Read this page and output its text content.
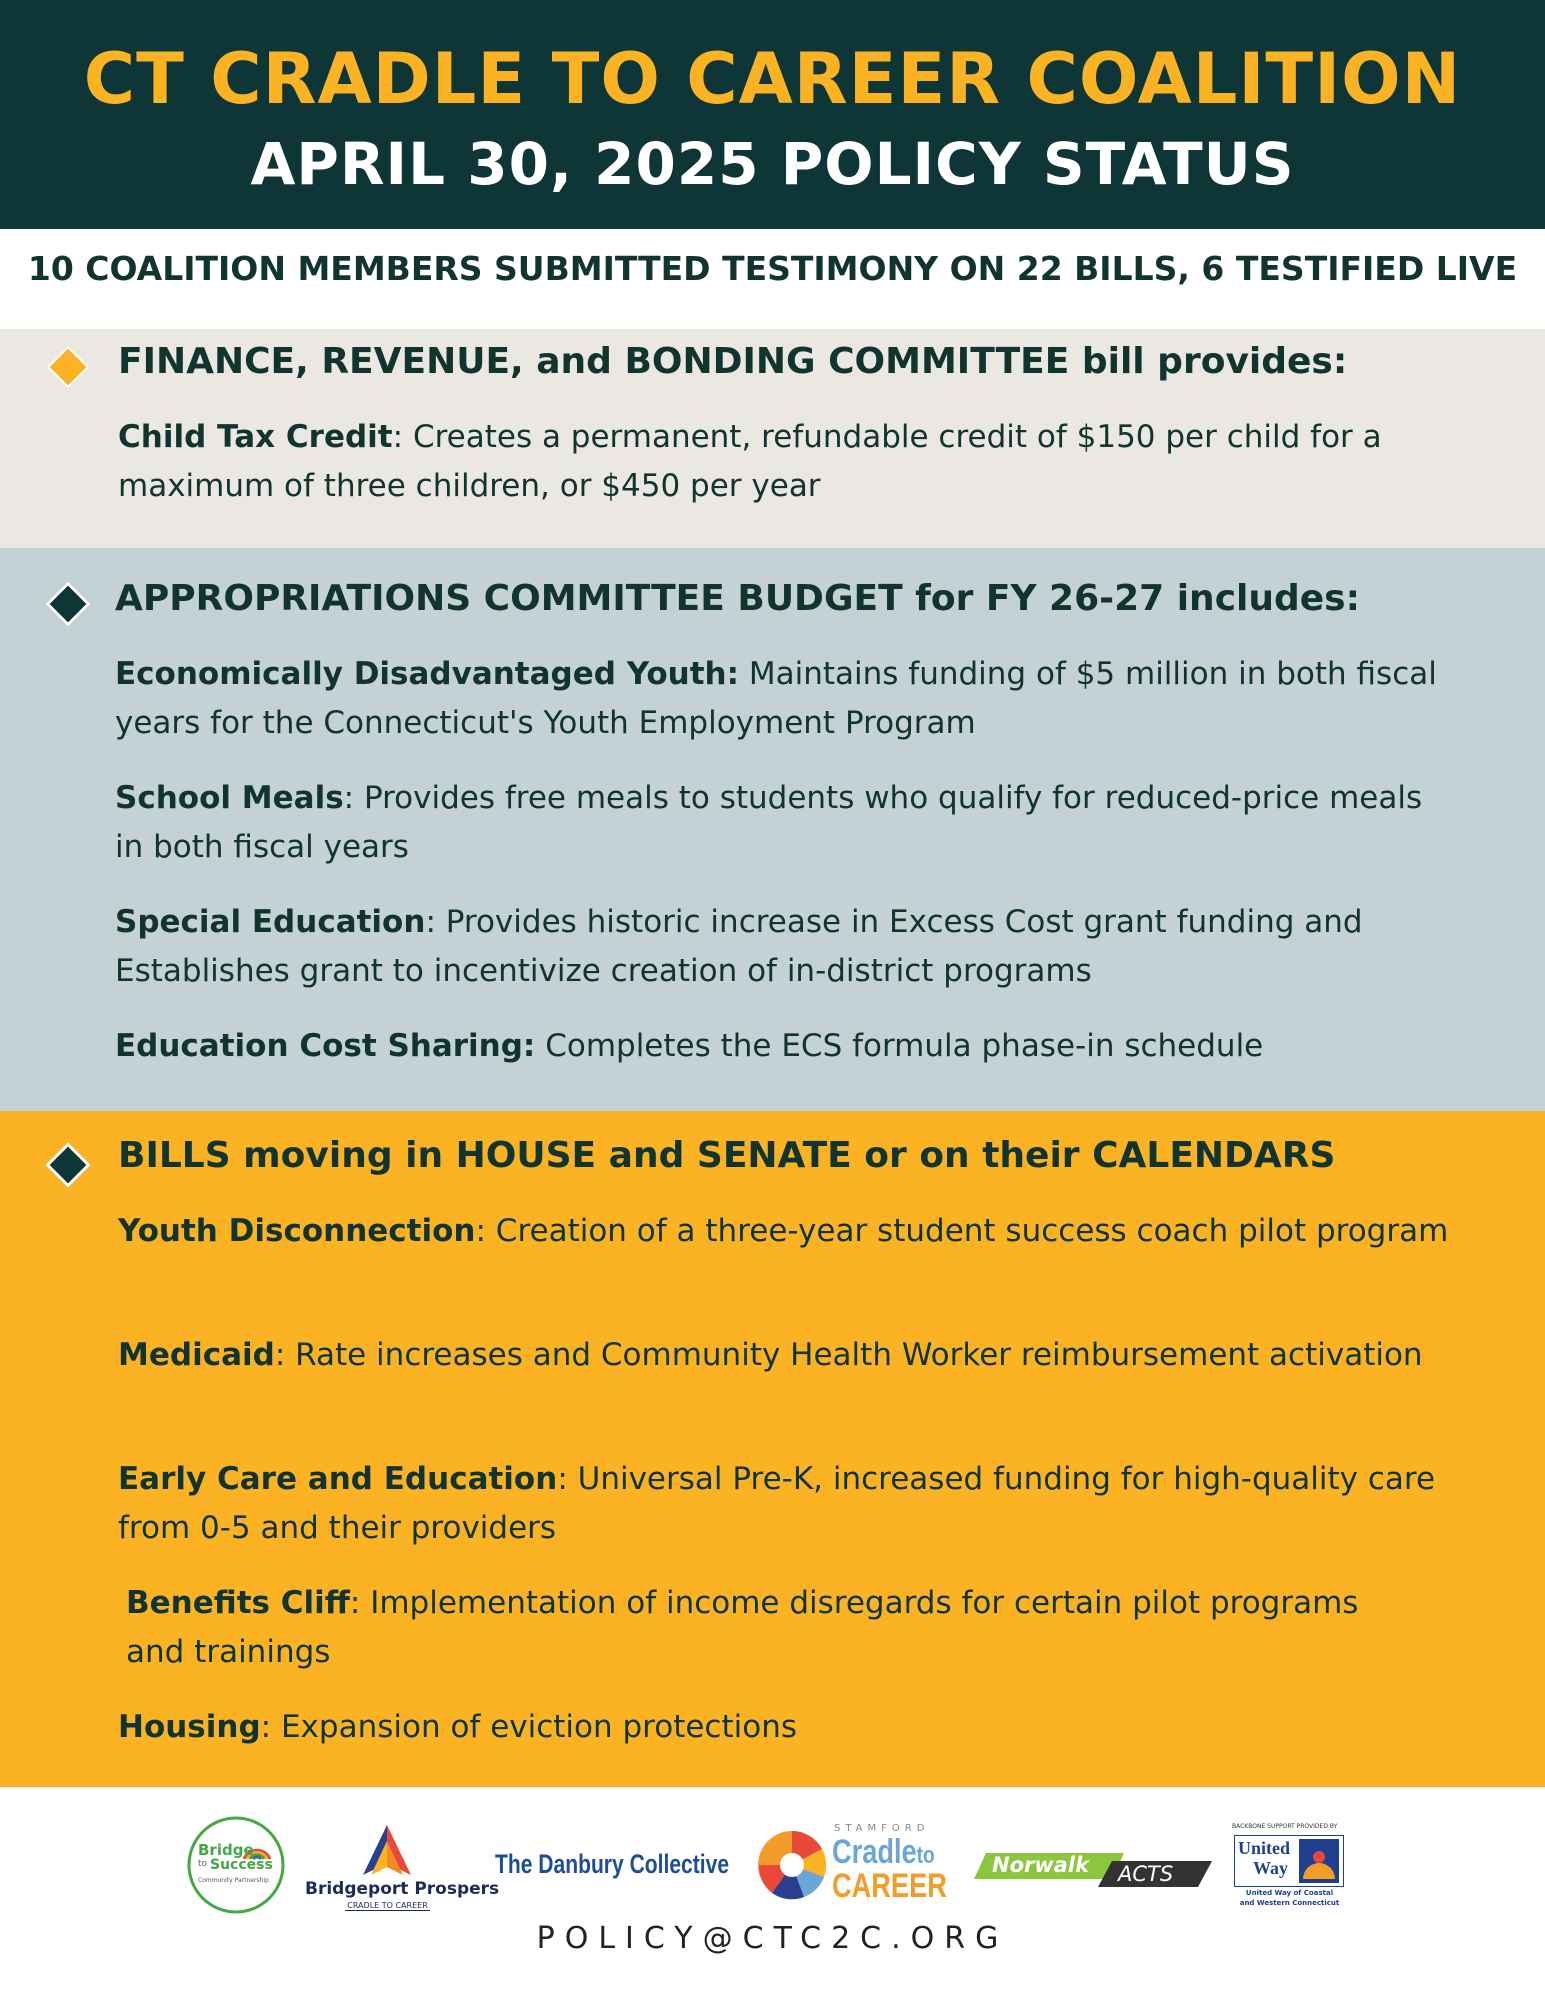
CT CRADLE TO CAREER COALITION
APRIL 30, 2025 POLICY STATUS
10 COALITION MEMBERS SUBMITTED TESTIMONY ON 22 BILLS, 6 TESTIFIED LIVE
FINANCE, REVENUE, and BONDING COMMITTEE bill provides:
Child Tax Credit: Creates a permanent, refundable credit of $150 per child for a maximum of three children, or $450 per year
APPROPRIATIONS COMMITTEE BUDGET for FY 26-27 includes:
Economically Disadvantaged Youth: Maintains funding of $5 million in both fiscal years for the Connecticut's Youth Employment Program
School Meals: Provides free meals to students who qualify for reduced-price meals in both fiscal years
Special Education: Provides historic increase in Excess Cost grant funding and Establishes grant to incentivize creation of in-district programs
Education Cost Sharing: Completes the ECS formula phase-in schedule
BILLS moving in HOUSE and SENATE or on their CALENDARS
Youth Disconnection: Creation of a three-year student success coach pilot program
Medicaid: Rate increases and Community Health Worker reimbursement activation
Early Care and Education: Universal Pre-K, increased funding for high-quality care from 0-5 and their providers
Benefits Cliff: Implementation of income disregards for certain pilot programs and trainings
Housing: Expansion of eviction protections
Bridge
to Success
Community Partnership	Bridgeport Prospers
CRADLE TO CAREER
The Danbury Collective
STAMFORD
Cradleto
CAREER
Norwalk ACTS
BACKBONE SUPPORT PROVIDED BY
United
Way
United Way of Coastal
and Western Connecticut
POLICY@CTC2C.ORG
